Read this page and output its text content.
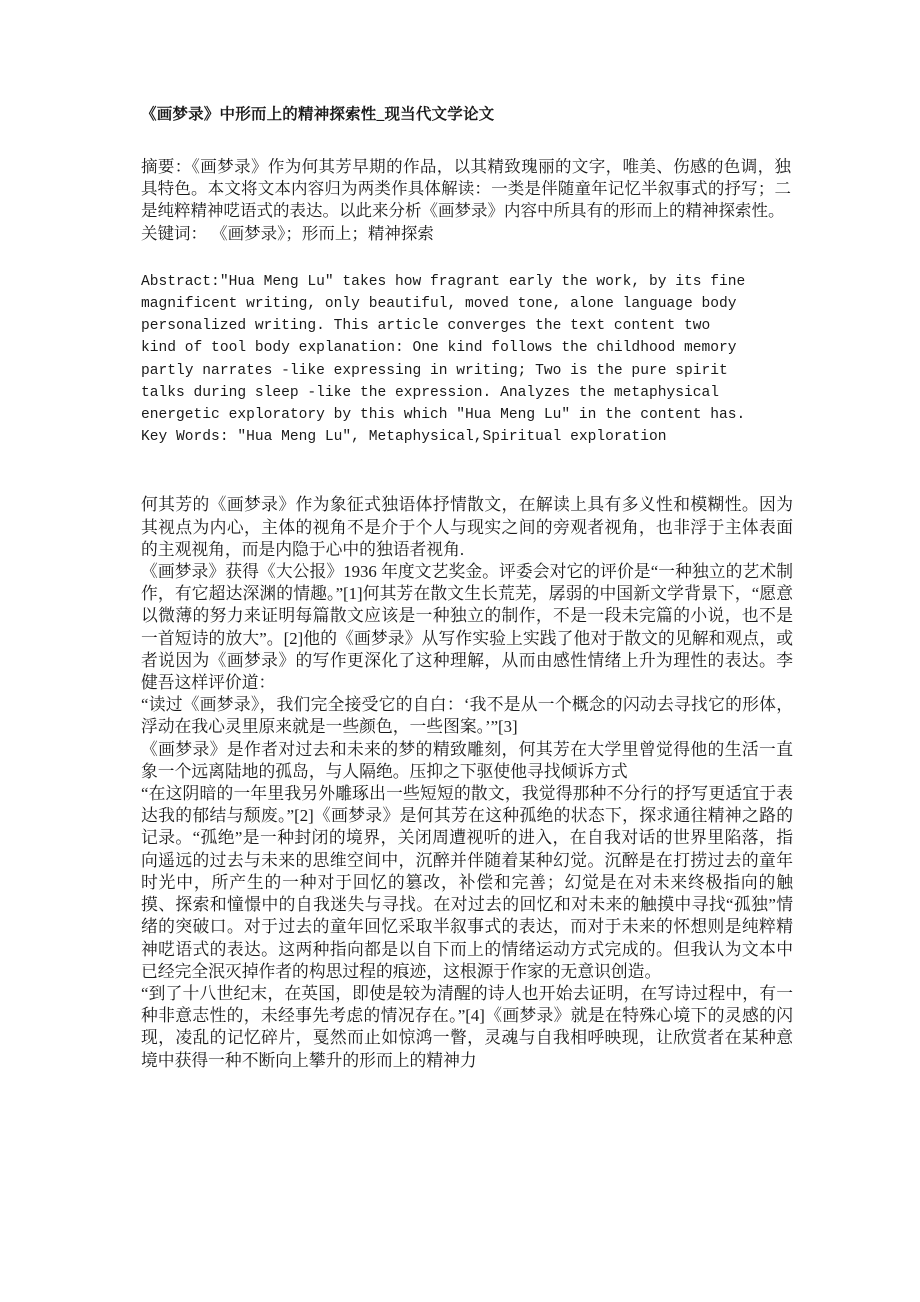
《画梦录》中形而上的精神探索性_现当代文学论文

摘要：《画梦录》作为何其芳早期的作品，以其精致瑰丽的文字，唯美、伤感的色调，独具特色。本文将文本内容归为两类作具体解读：一类是伴随童年记忆半叙事式的抒写；二是纯粹精神呓语式的表达。以此来分析《画梦录》内容中所具有的形而上的精神探索性。

关键词： 《画梦录》；形而上；精神探索

Abstract:"Hua Meng Lu" takes how fragrant early the work, by its fine

magnificent writing, only beautiful, moved tone, alone language body

personalized writing. This article converges the text content two

kind of tool body explanation: One kind follows the childhood memory

partly narrates -like expressing in writing; Two is the pure spirit

talks during sleep -like the expression. Analyzes the metaphysical

energetic exploratory by this which "Hua Meng Lu" in the content has.

Key Words: "Hua Meng Lu", Metaphysical,Spiritual exploration

何其芳的《画梦录》作为象征式独语体抒情散文，在解读上具有多义性和模糊性。因为其视点为内心，主体的视角不是介于个人与现实之间的旁观者视角，也非浮于主体表面的主观视角，而是内隐于心中的独语者视角.

《画梦录》获得《大公报》1936 年度文艺奖金。评委会对它的评价是“一种独立的艺术制作，有它超达深渊的情趣。”[1]何其芳在散文生长荒芜，孱弱的中国新文学背景下，“愿意以微薄的努力来证明每篇散文应该是一种独立的制作，不是一段未完篇的小说，也不是一首短诗的放大”。[2]他的《画梦录》从写作实验上实践了他对于散文的见解和观点，或者说因为《画梦录》的写作更深化了这种理解，从而由感性情绪上升为理性的表达。李健吾这样评价道：

“读过《画梦录》，我们完全接受它的自白：‘我不是从一个概念的闪动去寻找它的形体，浮动在我心灵里原来就是一些颜色，一些图案。’”[3]

《画梦录》是作者对过去和未来的梦的精致雕刻，何其芳在大学里曾觉得他的生活一直象一个远离陆地的孤岛，与人隔绝。压抑之下驱使他寻找倾诉方式

“在这阴暗的一年里我另外雕琢出一些短短的散文，我觉得那种不分行的抒写更适宜于表达我的郁结与颓废。”[2]《画梦录》是何其芳在这种孤绝的状态下，探求通往精神之路的记录。“孤绝”是一种封闭的境界，关闭周遭视听的进入，在自我对话的世界里陷落，指向遥远的过去与未来的思维空间中，沉醉并伴随着某种幻觉。沉醉是在打捞过去的童年时光中，所产生的一种对于回忆的篡改，补偿和完善；幻觉是在对未来终极指向的触摸、探索和憧憬中的自我迷失与寻找。在对过去的回忆和对未来的触摸中寻找“孤独”情绪的突破口。对于过去的童年回忆采取半叙事式的表达，而对于未来的怀想则是纯粹精神呓语式的表达。这两种指向都是以自下而上的情绪运动方式完成的。但我认为文本中已经完全泯灭掉作者的构思过程的痕迹，这根源于作家的无意识创造。

“到了十八世纪末，在英国，即使是较为清醒的诗人也开始去证明，在写诗过程中，有一种非意志性的，未经事先考虑的情况存在。”[4]《画梦录》就是在特殊心境下的灵感的闪现，凌乱的记忆碎片，戛然而止如惊鸿一瞥，灵魂与自我相呼映现，让欣赏者在某种意境中获得一种不断向上攀升的形而上的精神力
